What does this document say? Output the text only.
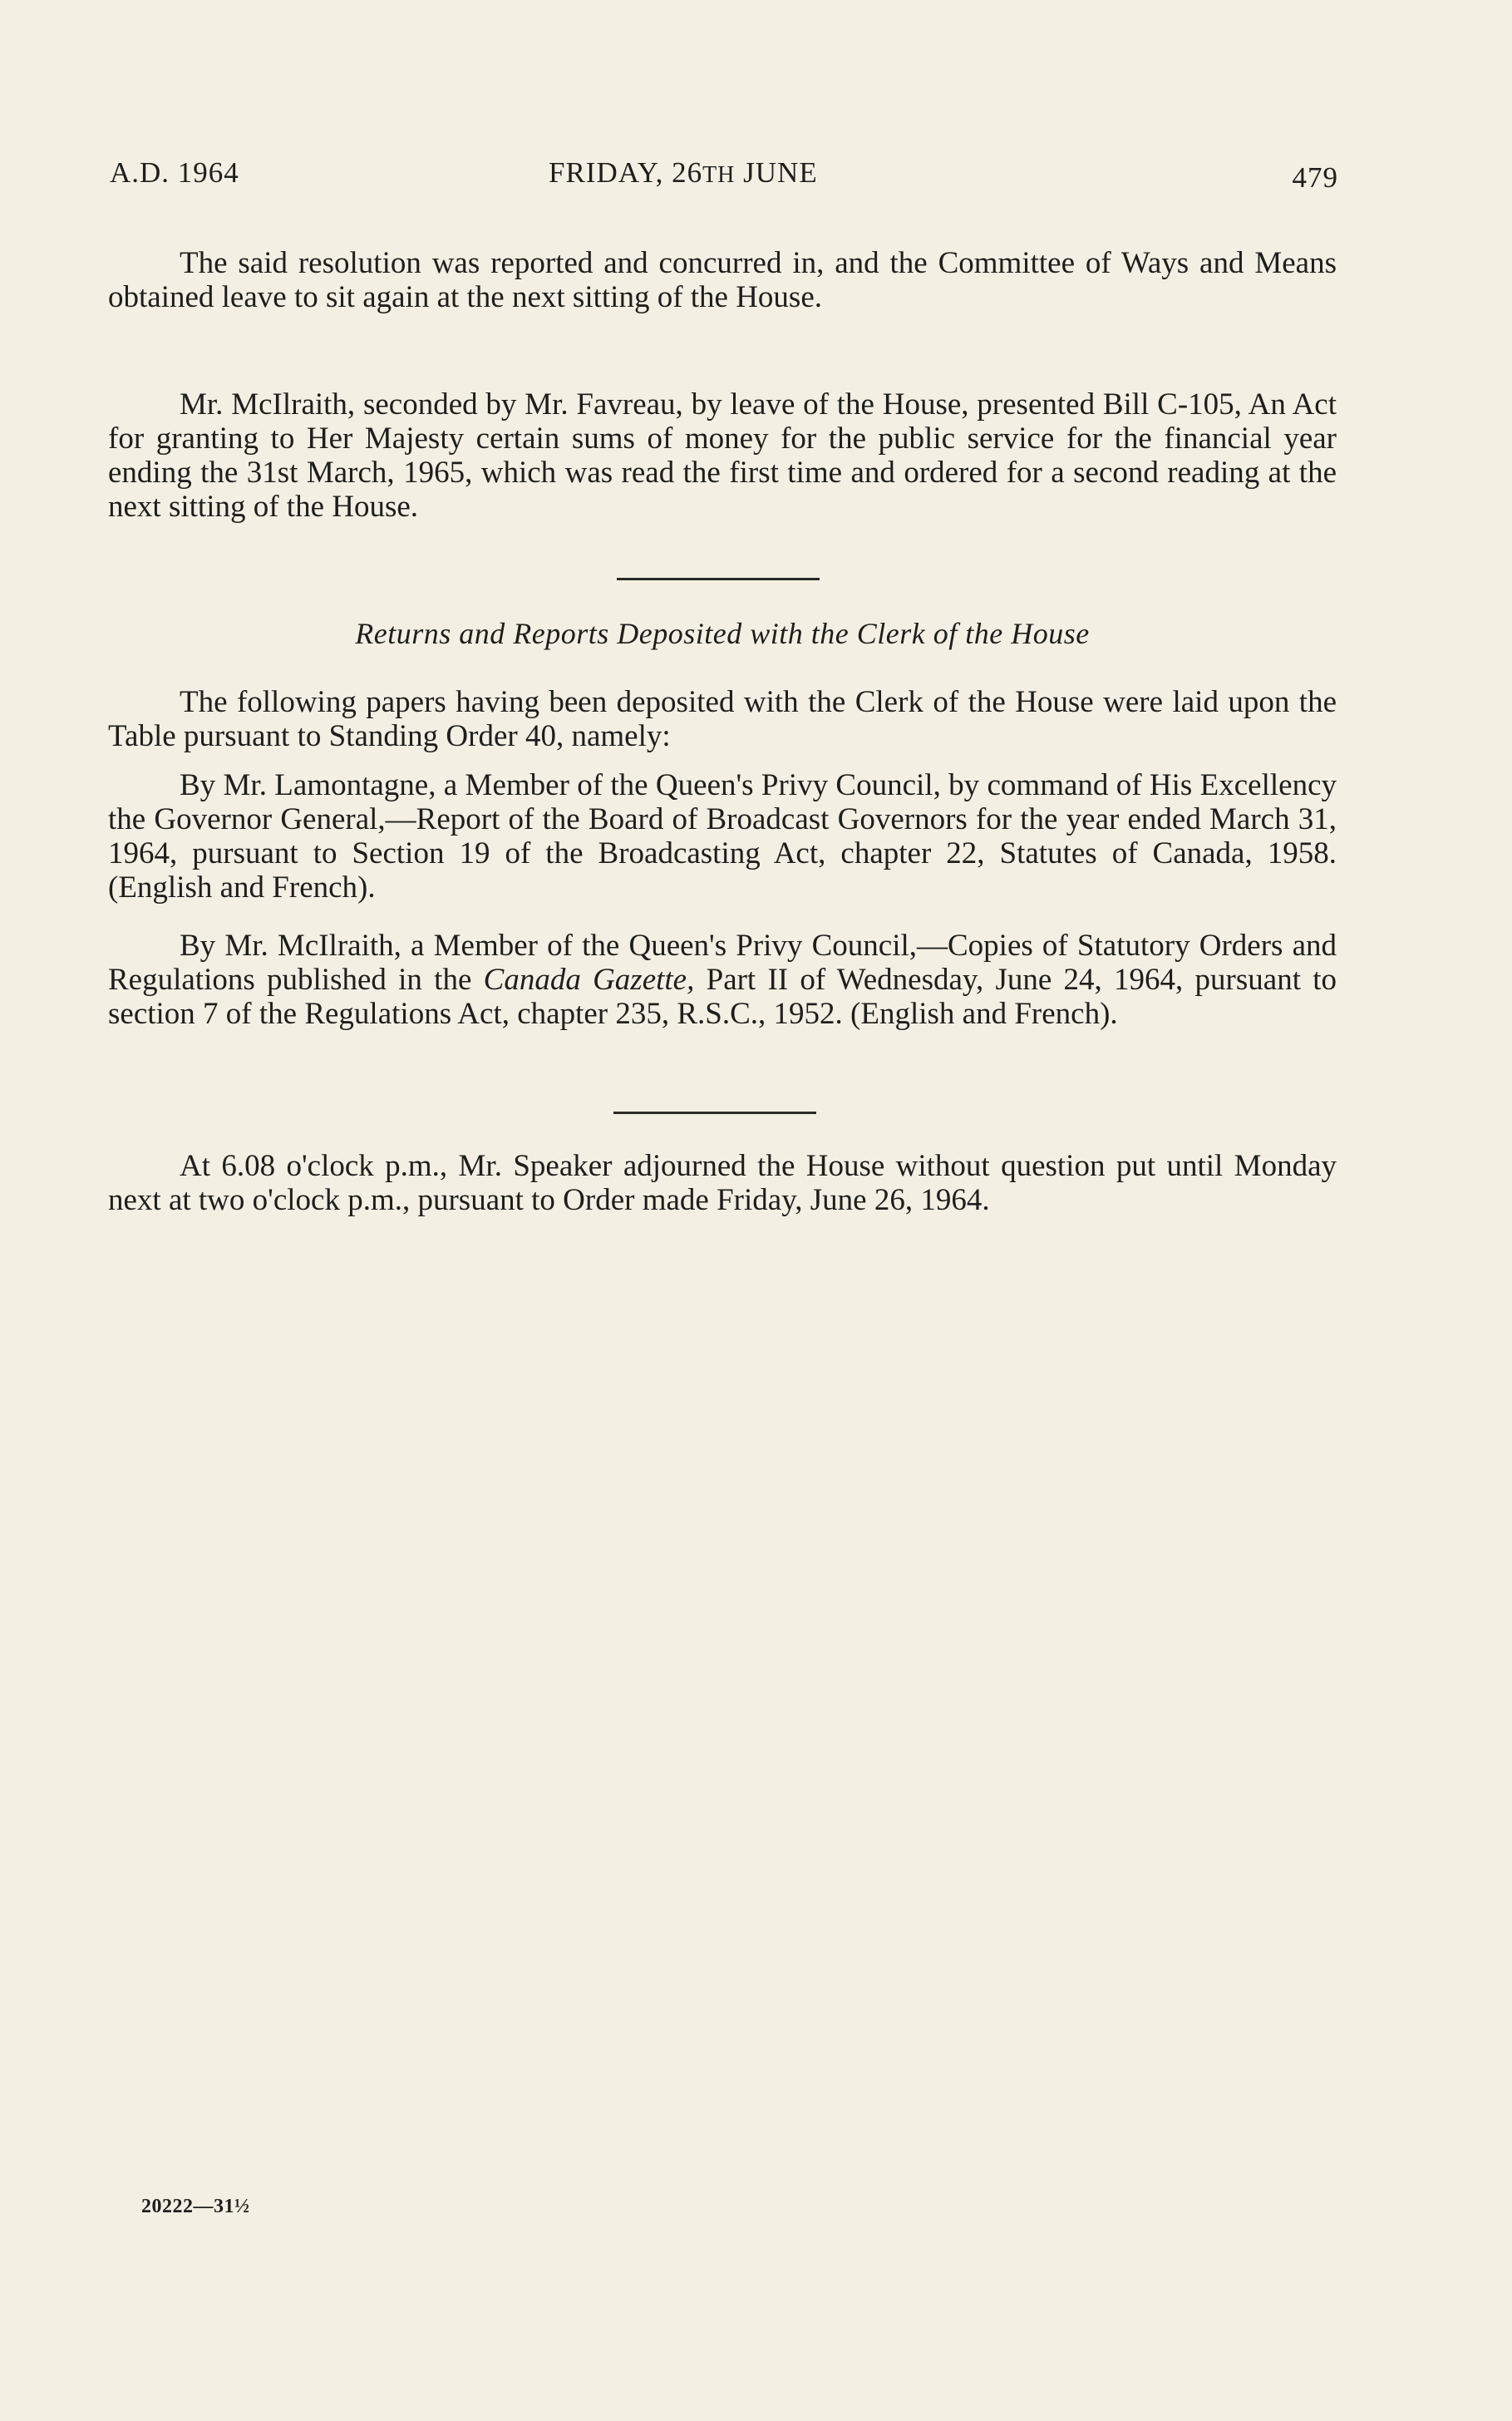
A.D. 1964	FRIDAY, 26TH JUNE	479

The said resolution was reported and concurred in, and the Committee of Ways and Means obtained leave to sit again at the next sitting of the House.

Mr. McIlraith, seconded by Mr. Favreau, by leave of the House, presented Bill C-105, An Act for granting to Her Majesty certain sums of money for the public service for the financial year ending the 31st March, 1965, which was read the first time and ordered for a second reading at the next sitting of the House.

Returns and Reports Deposited with the Clerk of the House

The following papers having been deposited with the Clerk of the House were laid upon the Table pursuant to Standing Order 40, namely:

By Mr. Lamontagne, a Member of the Queen's Privy Council, by command of His Excellency the Governor General,—Report of the Board of Broadcast Governors for the year ended March 31, 1964, pursuant to Section 19 of the Broadcasting Act, chapter 22, Statutes of Canada, 1958. (English and French).

By Mr. McIlraith, a Member of the Queen's Privy Council,—Copies of Statutory Orders and Regulations published in the Canada Gazette, Part II of Wednesday, June 24, 1964, pursuant to section 7 of the Regulations Act, chapter 235, R.S.C., 1952. (English and French).

At 6.08 o'clock p.m., Mr. Speaker adjourned the House without question put until Monday next at two o'clock p.m., pursuant to Order made Friday, June 26, 1964.

20222—31½
